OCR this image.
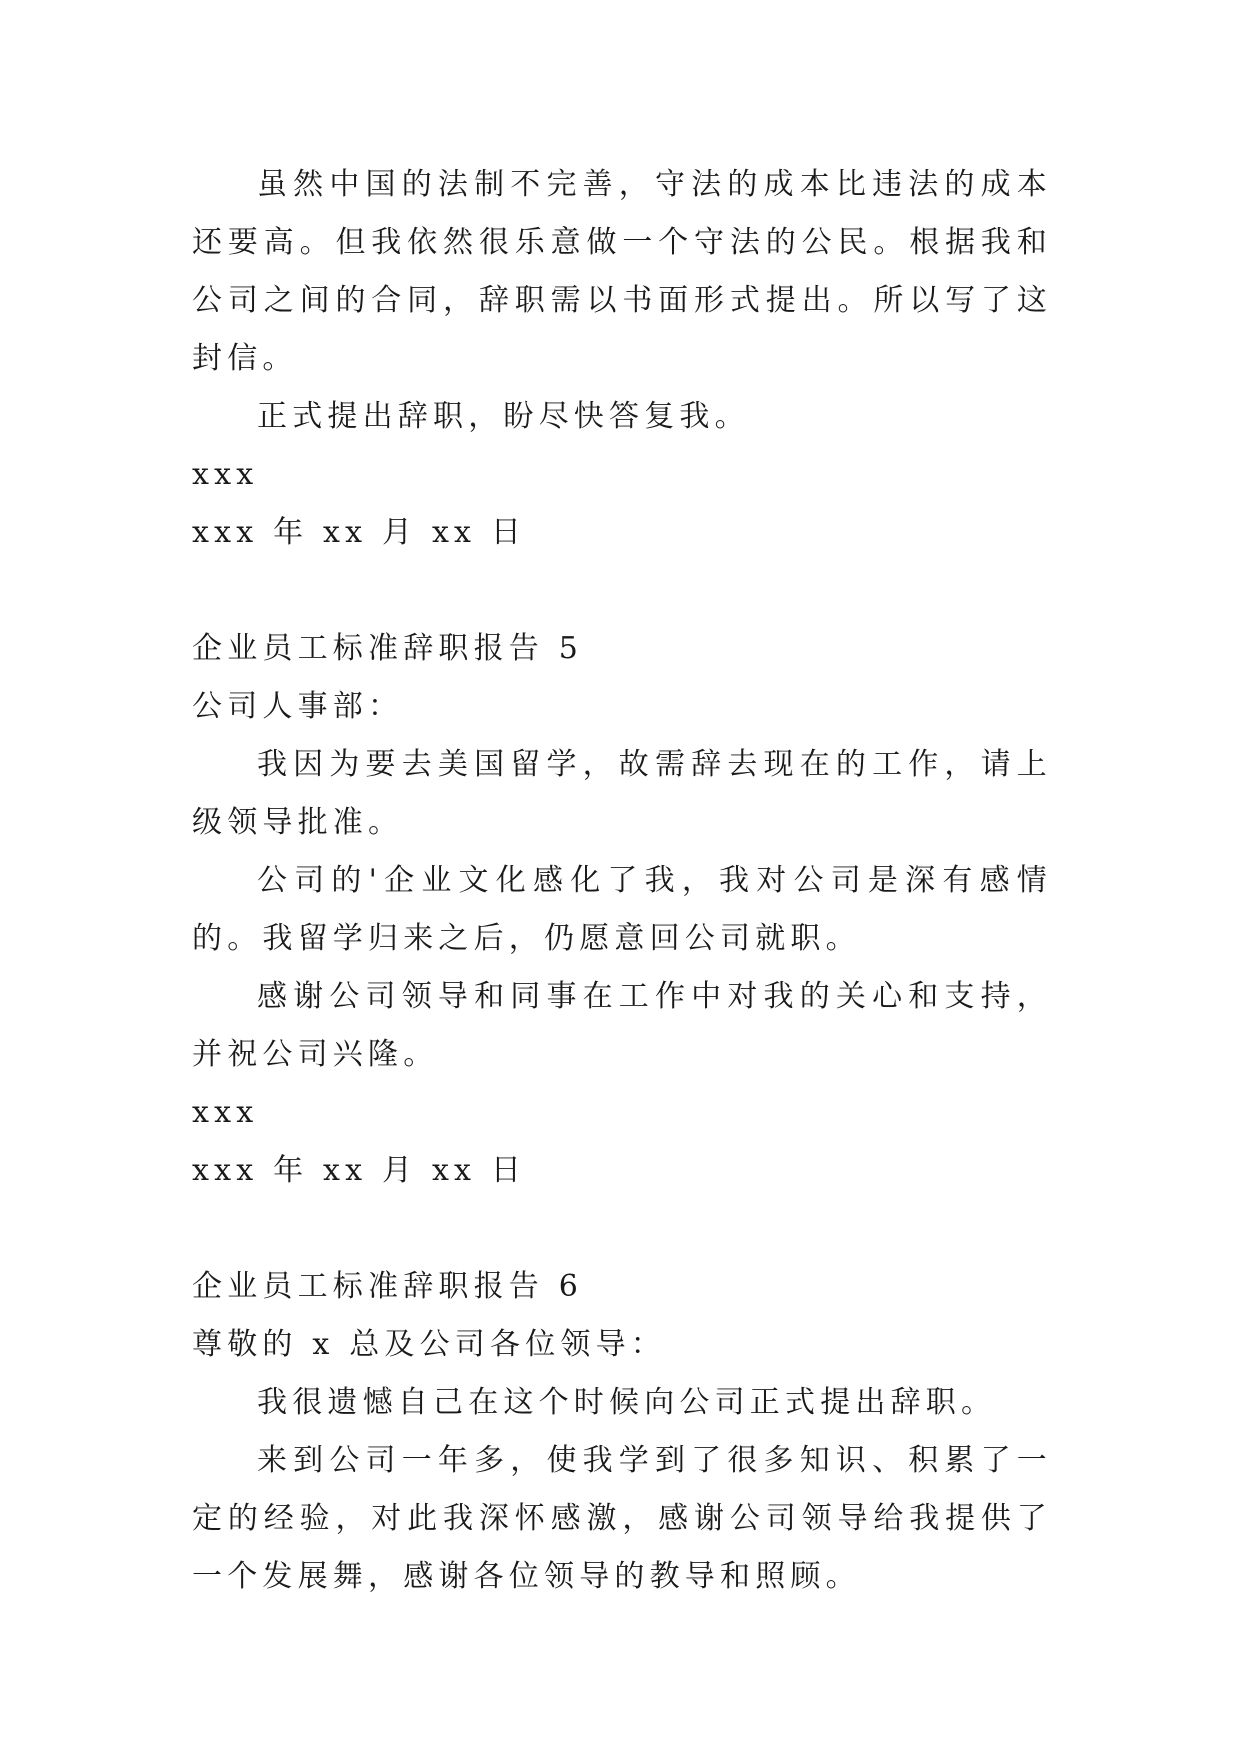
虽然中国的法制不完善，守法的成本比违法的成本还要高。但我依然很乐意做一个守法的公民。根据我和公司之间的合同，辞职需以书面形式提出。所以写了这封信。

正式提出辞职，盼尽快答复我。

xxx

xxx 年 xx 月 xx 日

企业员工标准辞职报告 5

公司人事部：

我因为要去美国留学，故需辞去现在的工作，请上级领导批准。

公司的'企业文化感化了我，我对公司是深有感情的。我留学归来之后，仍愿意回公司就职。

感谢公司领导和同事在工作中对我的关心和支持，并祝公司兴隆。

xxx

xxx 年 xx 月 xx 日

企业员工标准辞职报告 6

尊敬的 x 总及公司各位领导：

我很遗憾自己在这个时候向公司正式提出辞职。

来到公司一年多，使我学到了很多知识、积累了一定的经验，对此我深怀感激，感谢公司领导给我提供了一个发展舞，感谢各位领导的教导和照顾。
